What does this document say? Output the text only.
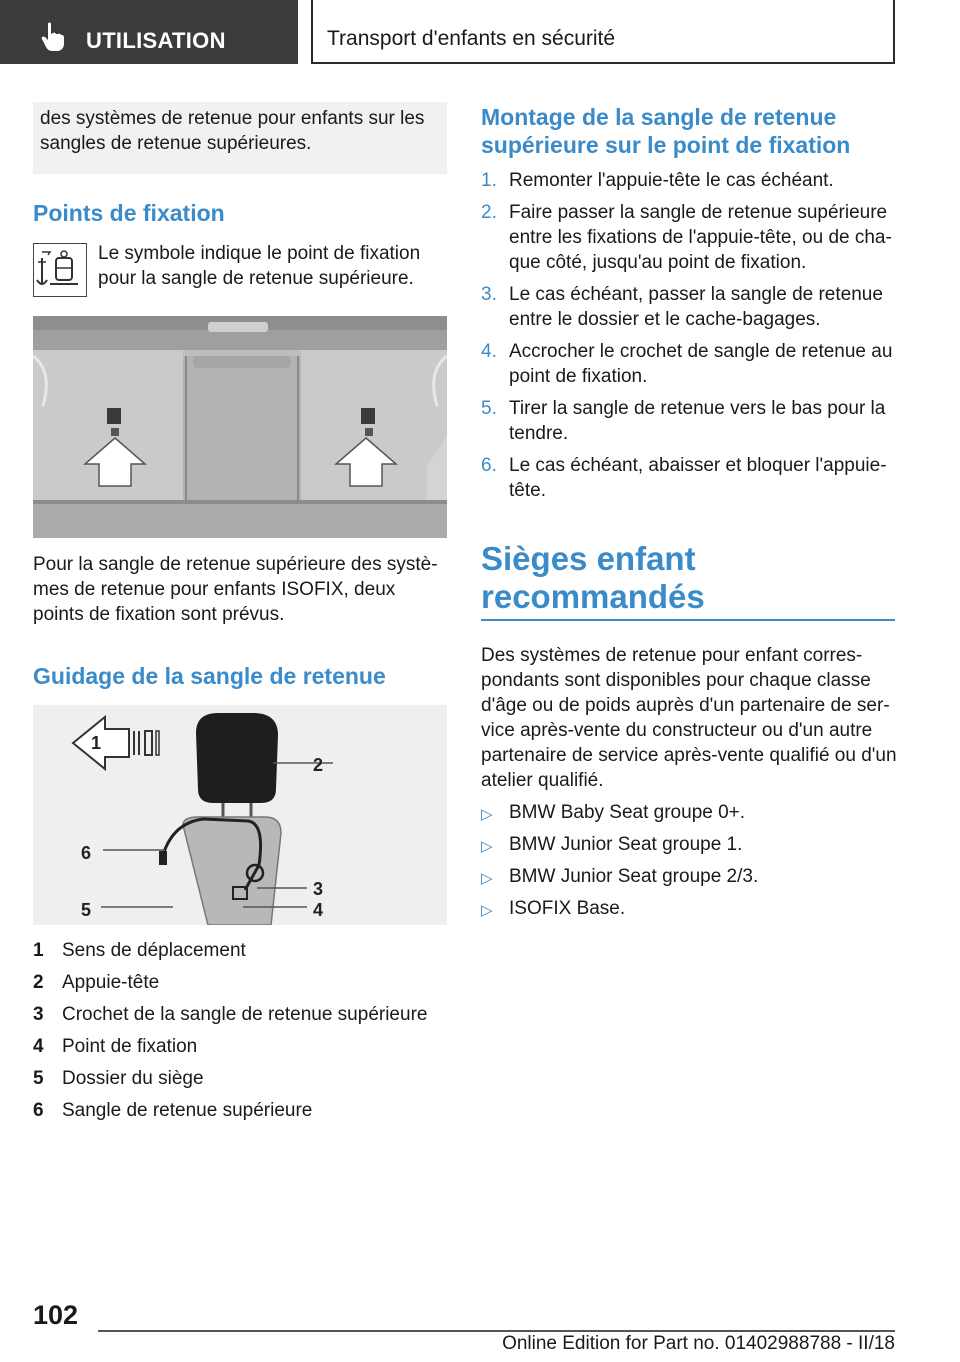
UTILISATION	Transport d'enfants en sécurité
des systèmes de retenue pour enfants sur les sangles de retenue supérieures.
Points de fixation
Le symbole indique le point de fixation
pour la sangle de retenue supérieure.
Pour la sangle de retenue supérieure des systè-
mes de retenue pour enfants ISOFIX, deux
points de fixation sont prévus.
Guidage de la sangle de retenue
1
2
3
4
5
6
1 Sens de déplacement
2 Appuie-tête
3 Crochet de la sangle de retenue supérieure
4 Point de fixation
5 Dossier du siège
6 Sangle de retenue supérieure
Montage de la sangle de retenue
supérieure sur le point de fixation
1. Remonter l'appuie-tête le cas échéant.
2. Faire passer la sangle de retenue supérieure
entre les fixations de l'appuie-tête, ou de cha-
que côté, jusqu'au point de fixation.
3. Le cas échéant, passer la sangle de retenue
entre le dossier et le cache-bagages.
4. Accrocher le crochet de sangle de retenue au
point de fixation.
5. Tirer la sangle de retenue vers le bas pour la
tendre.
6. Le cas échéant, abaisser et bloquer l'appuie-
tête.
Sièges enfant
recommandés
Des systèmes de retenue pour enfant corres-
pondants sont disponibles pour chaque classe
d'âge ou de poids auprès d'un partenaire de ser-
vice après-vente du constructeur ou d'un autre
partenaire de service après-vente qualifié ou d'un
atelier qualifié.
▷ BMW Baby Seat groupe 0+.
▷ BMW Junior Seat groupe 1.
▷ BMW Junior Seat groupe 2/3.
▷ ISOFIX Base.
102
Online Edition for Part no. 01402988788 - II/18
